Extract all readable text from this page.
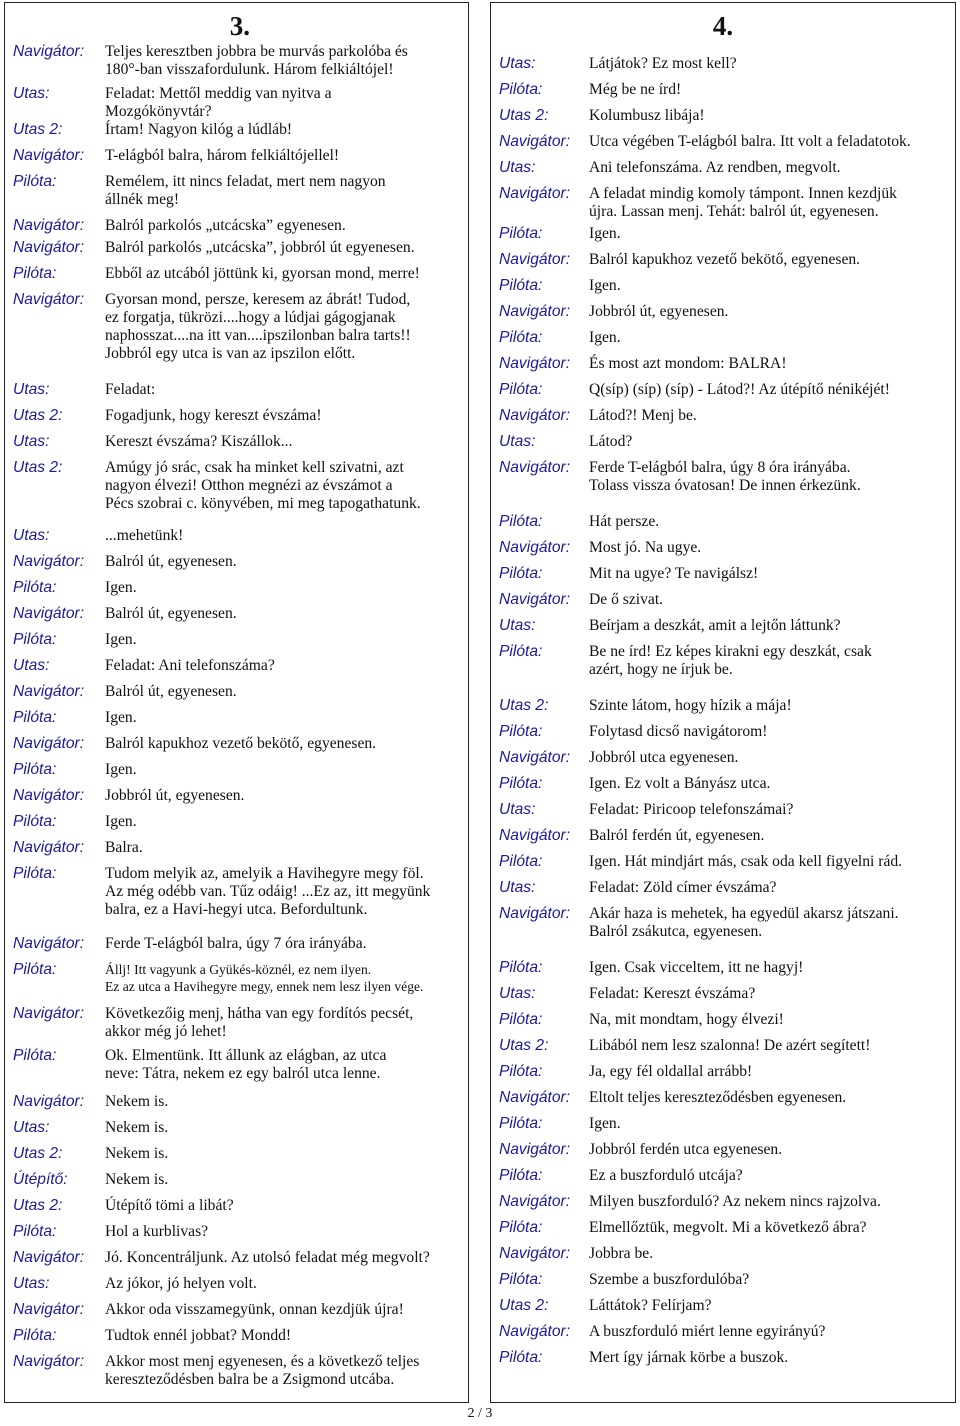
3.
Navigátor:	Teljes keresztben jobbra be murvás parkolóba és
180°-ban visszafordulunk. Három felkiáltójel!
Utas:	Feladat: Mettől meddig van nyitva a
Mozgókönyvtár?
Utas 2:	Írtam! Nagyon kilóg a lúdláb!
Navigátor:	T-elágból balra, három felkiáltójellel!
Pilóta:	Remélem, itt nincs feladat, mert nem nagyon
állnék meg!
Navigátor:	Balról parkolós „utcácska” egyenesen.
Navigátor:	Balról parkolós „utcácska”, jobbról út egyenesen.
Pilóta:	Ebből az utcából jöttünk ki, gyorsan mond, merre!
Navigátor:	Gyorsan mond, persze, keresem az ábrát! Tudod,
ez forgatja, tükrözi....hogy a lúdjai gágogjanak
naphosszat....na itt van....ipszilonban balra tarts!!
Jobbról egy utca is van az ipszilon előtt.
Utas:	Feladat:
Utas 2:	Fogadjunk, hogy kereszt évszáma!
Utas:	Kereszt évszáma? Kiszállok...
Utas 2:	Amúgy jó srác, csak ha minket kell szivatni, azt
nagyon élvezi! Otthon megnézi az évszámot a
Pécs szobrai c. könyvében, mi meg tapogathatunk.
Utas:	...mehetünk!
Navigátor:	Balról út, egyenesen.
Pilóta:	Igen.
Navigátor:	Balról út, egyenesen.
Pilóta:	Igen.
Utas:	Feladat: Ani telefonszáma?
Navigátor:	Balról út, egyenesen.
Pilóta:	Igen.
Navigátor:	Balról kapukhoz vezető bekötő, egyenesen.
Pilóta:	Igen.
Navigátor:	Jobbról út, egyenesen.
Pilóta:	Igen.
Navigátor:	Balra.
Pilóta:	Tudom melyik az, amelyik a Havihegyre megy föl.
Az még odébb van. Tűz odáig! ...Ez az, itt megyünk
balra, ez a Havi-hegyi utca. Befordultunk.
Navigátor:	Ferde T-elágból balra, úgy 7 óra irányába.
Pilóta:	Állj! Itt vagyunk a Gyükés-köznél, ez nem ilyen.
Ez az utca a Havihegyre megy, ennek nem lesz ilyen vége.
Navigátor:	Következőig menj, hátha van egy fordítós pecsét,
akkor még jó lehet!
Pilóta:	Ok. Elmentünk. Itt állunk az elágban, az utca
neve: Tátra, nekem ez egy balról utca lenne.
Navigátor:	Nekem is.
Utas:	Nekem is.
Utas 2:	Nekem is.
Útépítő:	Nekem is.
Utas 2:	Útépítő tömi a libát?
Pilóta:	Hol a kurblivas?
Navigátor:	Jó. Koncentráljunk. Az utolsó feladat még megvolt?
Utas:	Az jókor, jó helyen volt.
Navigátor:	Akkor oda visszamegyünk, onnan kezdjük újra!
Pilóta:	Tudtok ennél jobbat? Mondd!
Navigátor:	Akkor most menj egyenesen, és a következő teljes
kereszteződésben balra be a Zsigmond utcába.
4.
Utas:	Látjátok? Ez most kell?
Pilóta:	Még be ne írd!
Utas 2:	Kolumbusz libája!
Navigátor:	Utca végében T-elágból balra. Itt volt a feladatotok.
Utas:	Ani telefonszáma. Az rendben, megvolt.
Navigátor:	A feladat mindig komoly támpont. Innen kezdjük
újra. Lassan menj. Tehát: balról út, egyenesen.
Pilóta:	Igen.
Navigátor:	Balról kapukhoz vezető bekötő, egyenesen.
Pilóta:	Igen.
Navigátor:	Jobbról út, egyenesen.
Pilóta:	Igen.
Navigátor:	És most azt mondom: BALRA!
Pilóta:	Q(síp) (síp) (síp) - Látod?! Az útépítő nénikéjét!
Navigátor:	Látod?! Menj be.
Utas:	Látod?
Navigátor:	Ferde T-elágból balra, úgy 8 óra irányába.
Tolass vissza óvatosan! De innen érkezünk.
Pilóta:	Hát persze.
Navigátor:	Most jó. Na ugye.
Pilóta:	Mit na ugye? Te navigálsz!
Navigátor:	De ő szivat.
Utas:	Beírjam a deszkát, amit a lejtőn láttunk?
Pilóta:	Be ne írd! Ez képes kirakni egy deszkát, csak
azért, hogy ne írjuk be.
Utas 2:	Szinte látom, hogy hízik a mája!
Pilóta:	Folytasd dicső navigátorom!
Navigátor:	Jobbról utca egyenesen.
Pilóta:	Igen. Ez volt a Bányász utca.
Utas:	Feladat: Piricoop telefonszámai?
Navigátor:	Balról ferdén út, egyenesen.
Pilóta:	Igen. Hát mindjárt más, csak oda kell figyelni rád.
Utas:	Feladat: Zöld címer évszáma?
Navigátor:	Akár haza is mehetek, ha egyedül akarsz játszani.
Balról zsákutca, egyenesen.
Pilóta:	Igen. Csak vicceltem, itt ne hagyj!
Utas:	Feladat: Kereszt évszáma?
Pilóta:	Na, mit mondtam, hogy élvezi!
Utas 2:	Libából nem lesz szalonna! De azért segített!
Pilóta:	Ja, egy fél oldallal arrább!
Navigátor:	Eltolt teljes kereszteződésben egyenesen.
Pilóta:	Igen.
Navigátor:	Jobbról ferdén utca egyenesen.
Pilóta:	Ez a buszforduló utcája?
Navigátor:	Milyen buszforduló? Az nekem nincs rajzolva.
Pilóta:	Elmellőztük, megvolt. Mi a következő ábra?
Navigátor:	Jobbra be.
Pilóta:	Szembe a buszfordulóba?
Utas 2:	Láttátok? Felírjam?
Navigátor:	A buszforduló miért lenne egyirányú?
Pilóta:	Mert így járnak körbe a buszok.
2 / 3
